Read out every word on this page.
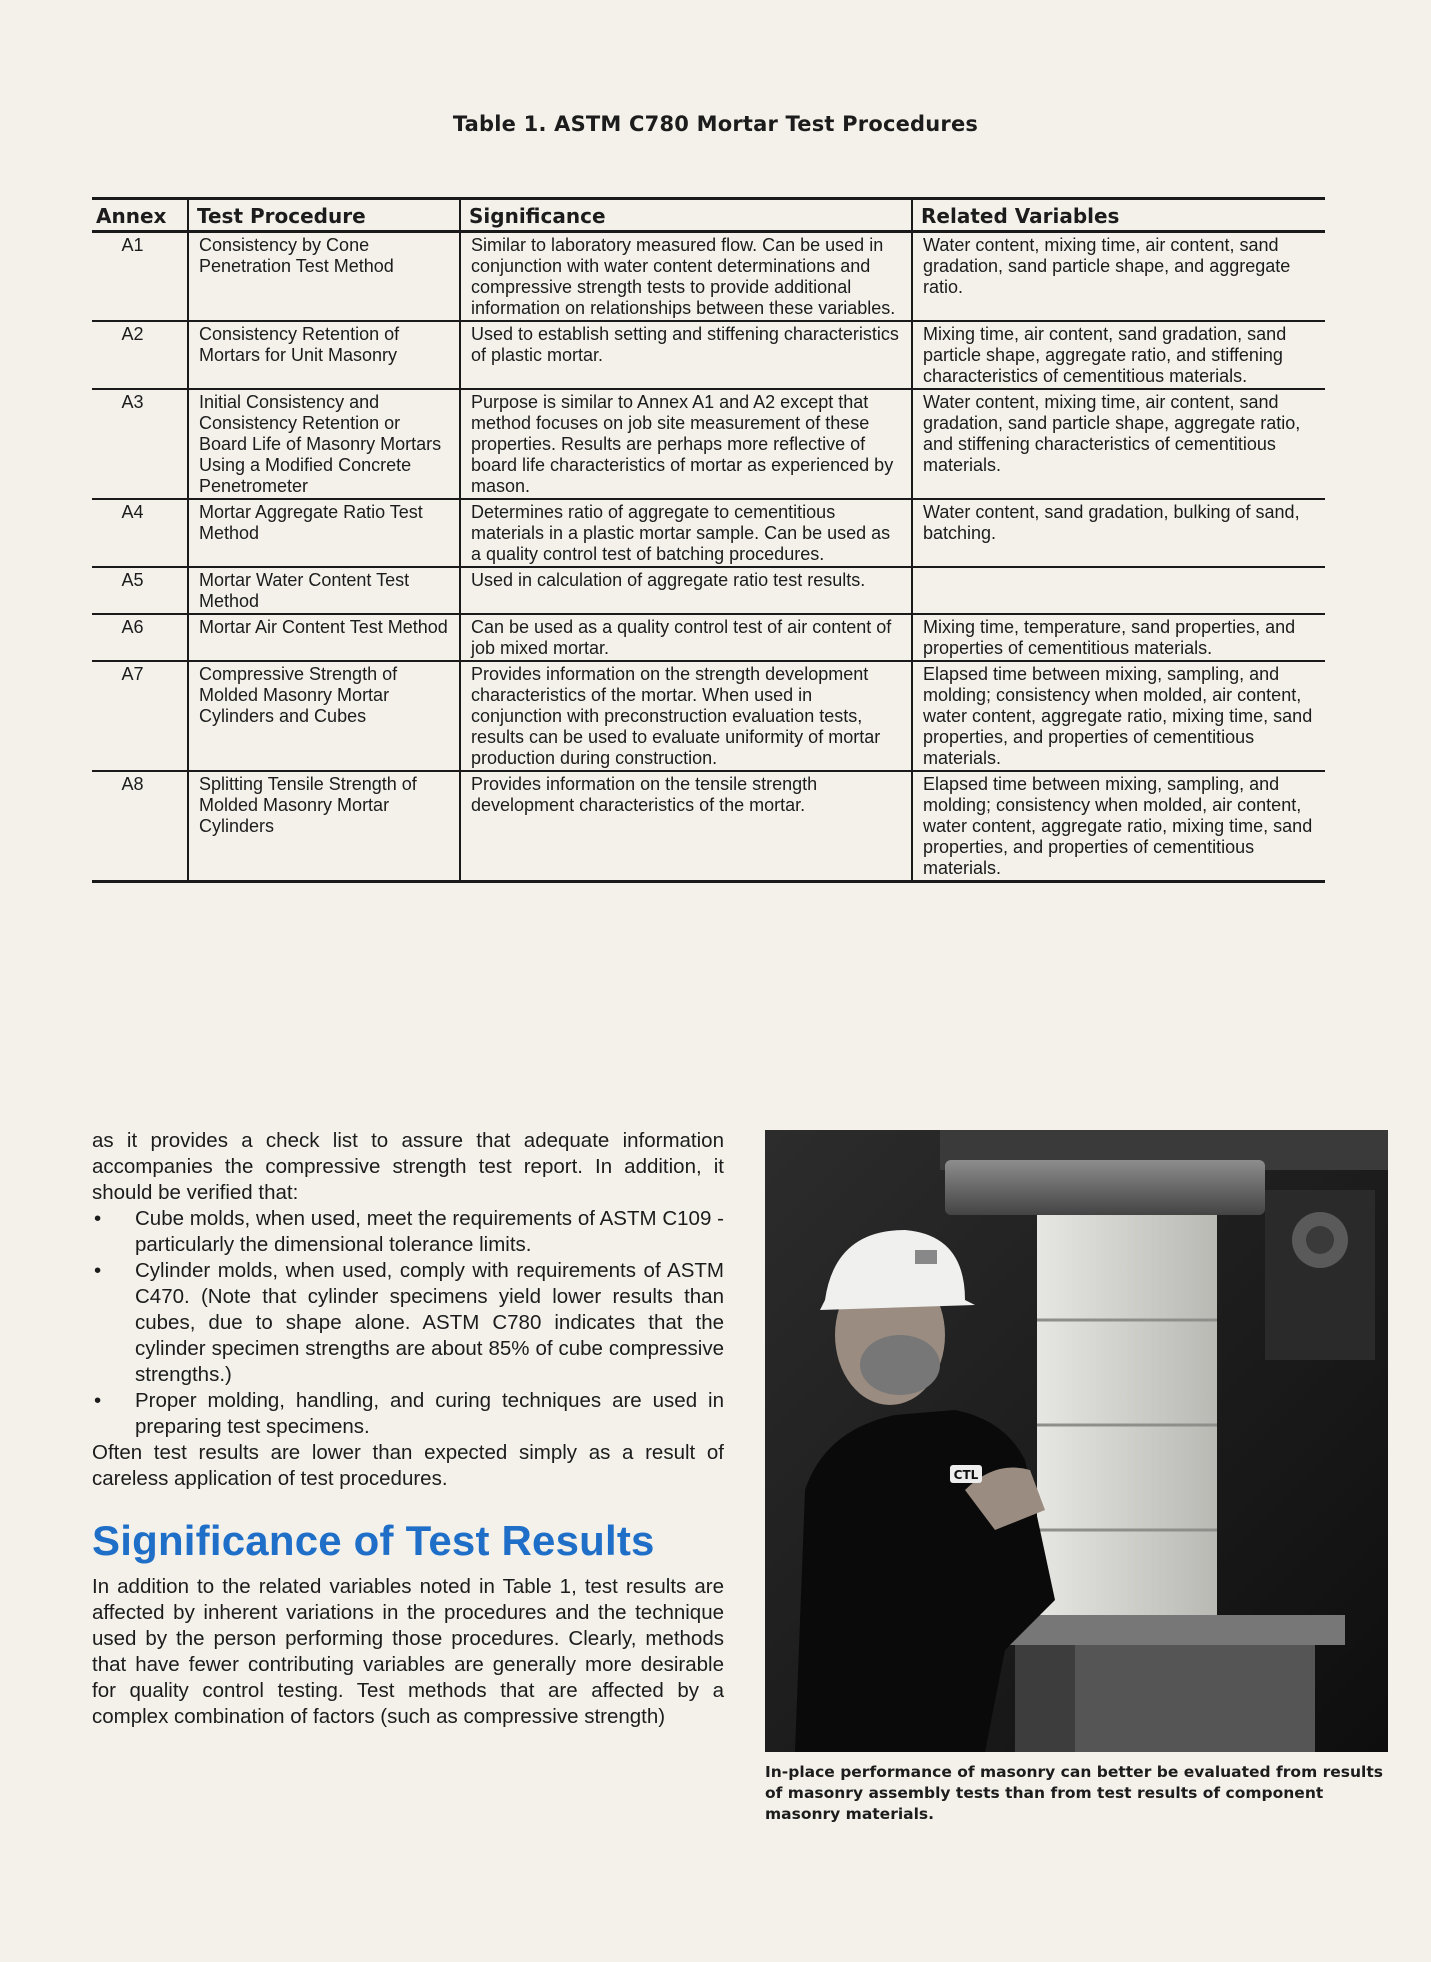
Table 1. ASTM C780 Mortar Test Procedures
Annex	Test Procedure	Significance	Related Variables
A1	Consistency by Cone Penetration Test Method	Similar to laboratory measured flow. Can be used in conjunction with water content determinations and compressive strength tests to provide additional information on relationships between these variables.	Water content, mixing time, air content, sand gradation, sand particle shape, and aggregate ratio.
A2	Consistency Retention of Mortars for Unit Masonry	Used to establish setting and stiffening characteristics of plastic mortar.	Mixing time, air content, sand gradation, sand particle shape, aggregate ratio, and stiffening characteristics of cementitious materials.
A3	Initial Consistency and Consistency Retention or Board Life of Masonry Mortars Using a Modified Concrete Penetrometer	Purpose is similar to Annex A1 and A2 except that method focuses on job site measurement of these properties. Results are perhaps more reflective of board life characteristics of mortar as experienced by mason.	Water content, mixing time, air content, sand gradation, sand particle shape, aggregate ratio, and stiffening characteristics of cementitious materials.
A4	Mortar Aggregate Ratio Test Method	Determines ratio of aggregate to cementitious materials in a plastic mortar sample. Can be used as a quality control test of batching procedures.	Water content, sand gradation, bulking of sand, batching.
A5	Mortar Water Content Test Method	Used in calculation of aggregate ratio test results.	
A6	Mortar Air Content Test Method	Can be used as a quality control test of air content of job mixed mortar.	Mixing time, temperature, sand properties, and properties of cementitious materials.
A7	Compressive Strength of Molded Masonry Mortar Cylinders and Cubes	Provides information on the strength development characteristics of the mortar. When used in conjunction with preconstruction evaluation tests, results can be used to evaluate uniformity of mortar production during construction.	Elapsed time between mixing, sampling, and molding; consistency when molded, air content, water content, aggregate ratio, mixing time, sand properties, and properties of cementitious materials.
A8	Splitting Tensile Strength of Molded Masonry Mortar Cylinders	Provides information on the tensile strength development characteristics of the mortar.	Elapsed time between mixing, sampling, and molding; consistency when molded, air content, water content, aggregate ratio, mixing time, sand properties, and properties of cementitious materials.

as it provides a check list to assure that adequate information accompanies the compressive strength test report. In addition, it should be verified that:

• Cube molds, when used, meet the requirements of ASTM C109 - particularly the dimensional tolerance limits.
• Cylinder molds, when used, comply with requirements of ASTM C470. (Note that cylinder specimens yield lower results than cubes, due to shape alone. ASTM C780 indicates that the cylinder specimen strengths are about 85% of cube compressive strengths.)
• Proper molding, handling, and curing techniques are used in preparing test specimens.

Often test results are lower than expected simply as a result of careless application of test procedures.

Significance of Test Results

In addition to the related variables noted in Table 1, test results are affected by inherent variations in the procedures and the technique used by the person performing those procedures. Clearly, methods that have fewer contributing variables are generally more desirable for quality control testing. Test methods that are affected by a complex combination of factors (such as compressive strength)

CTL
In-place performance of masonry can better be evaluated from results of masonry assembly tests than from test results of component masonry materials.
